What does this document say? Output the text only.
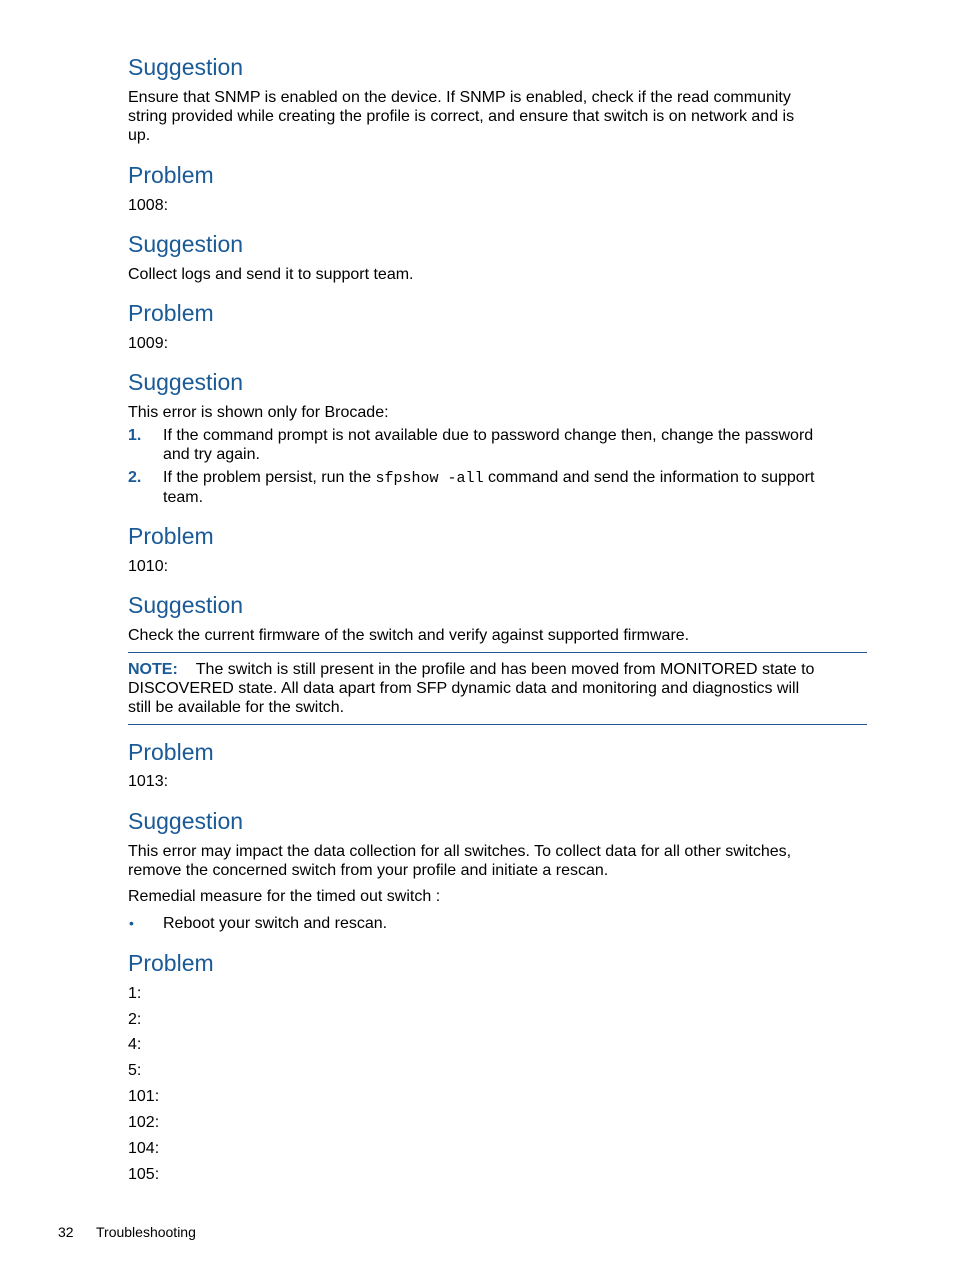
Suggestion
Ensure that SNMP is enabled on the device. If SNMP is enabled, check if the read community
string provided while creating the profile is correct, and ensure that switch is on network and is
up.
Problem
1008:
Suggestion
Collect logs and send it to support team.
Problem
1009:
Suggestion
This error is shown only for Brocade:
1. If the command prompt is not available due to password change then, change the password
and try again.
2. If the problem persist, run the sfpshow -all command and send the information to support
team.
Problem
1010:
Suggestion
Check the current firmware of the switch and verify against supported firmware.
NOTE: The switch is still present in the profile and has been moved from MONITORED state to
DISCOVERED state. All data apart from SFP dynamic data and monitoring and diagnostics will
still be available for the switch.
Problem
1013:
Suggestion
This error may impact the data collection for all switches. To collect data for all other switches,
remove the concerned switch from your profile and initiate a rescan.
Remedial measure for the timed out switch :
• Reboot your switch and rescan.
Problem
1:
2:
4:
5:
101:
102:
104:
105:
32 Troubleshooting
